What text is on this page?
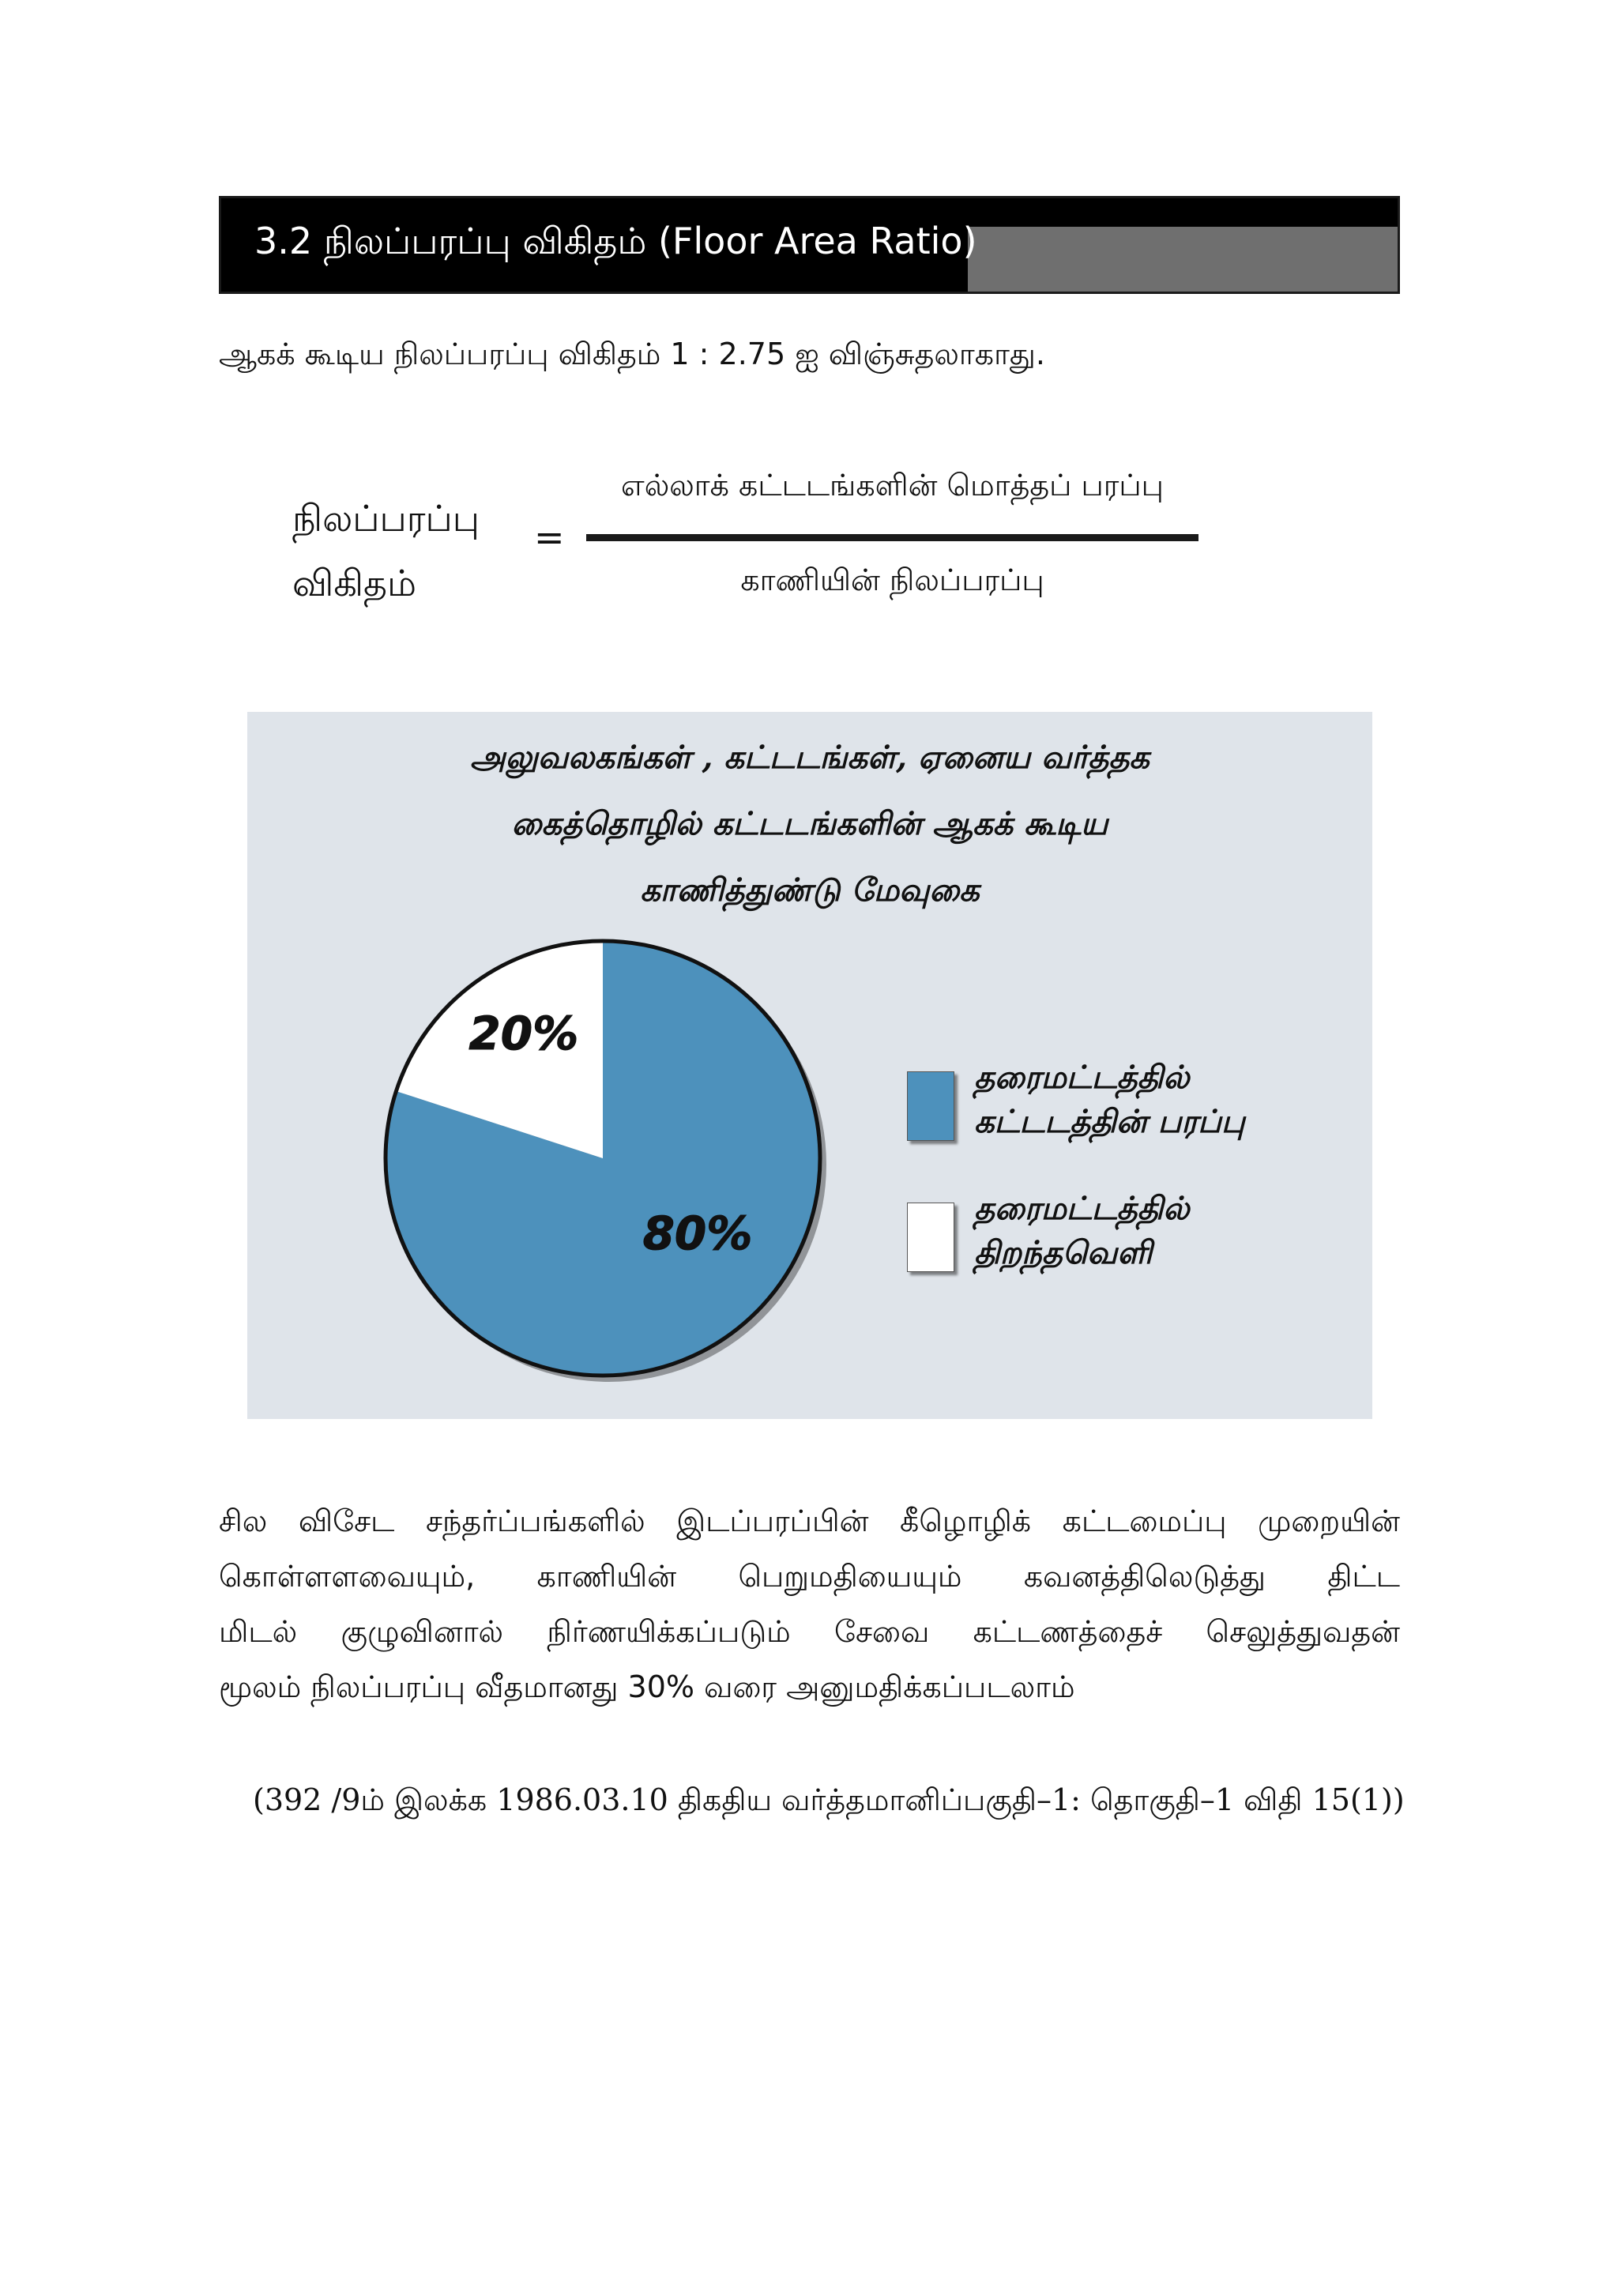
3.2 நிலப்பரப்பு விகிதம் (Floor Area Ratio)
ஆகக் கூடிய நிலப்பரப்பு விகிதம் 1 : 2.75 ஐ விஞ்சுதலாகாது.
நிலப்பரப்பு
விகிதம்
=
எல்லாக் கட்டடங்களின் மொத்தப் பரப்பு
காணியின் நிலப்பரப்பு
அலுவலகங்கள் , கட்டடங்கள், ஏனைய வர்த்தக
கைத்தொழில் கட்டடங்களின் ஆகக் கூடிய
காணித்துண்டு மேவுகை
80%
20%
தரைமட்டத்தில்
கட்டடத்தின் பரப்பு
தரைமட்டத்தில்
திறந்தவெளி
சில விசேட சந்தர்ப்பங்களில் இடப்பரப்பின் கீழொழிக் கட்டமைப்பு முறையின்
கொள்ளளவையும், காணியின் பெறுமதியையும் கவனத்திலெடுத்து திட்ட
மிடல் குழுவினால் நிர்ணயிக்கப்படும் சேவை கட்டணத்தைச் செலுத்துவதன்
மூலம் நிலப்பரப்பு வீதமானது 30% வரை அனுமதிக்கப்படலாம்
(392 /9ம் இலக்க 1986.03.10 திகதிய வர்த்தமானிப்பகுதி–1: தொகுதி–1 விதி 15(1))
